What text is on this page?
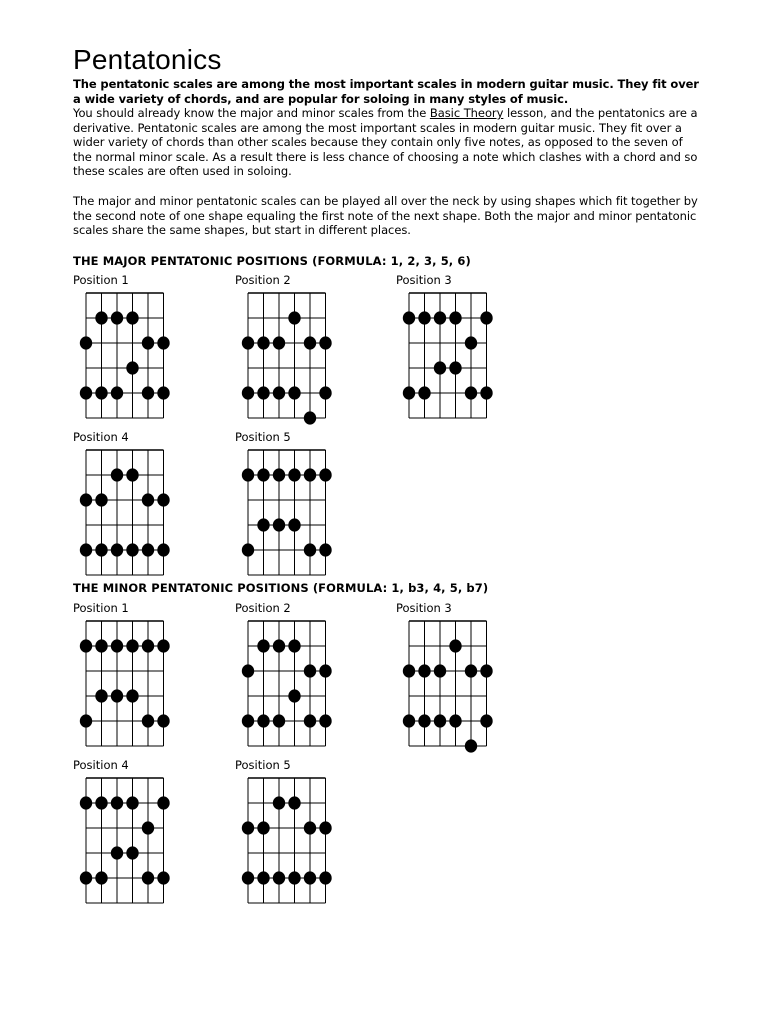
Pentatonics

The pentatonic scales are among the most important scales in modern guitar music. They fit over a wide variety of chords, and are popular for soloing in many styles of music.

You should already know the major and minor scales from the Basic Theory lesson, and the pentatonics are a derivative. Pentatonic scales are among the most important scales in modern guitar music. They fit over a wider variety of chords than other scales because they contain only five notes, as opposed to the seven of the normal minor scale. As a result there is less chance of choosing a note which clashes with a chord and so these scales are often used in soloing.

The major and minor pentatonic scales can be played all over the neck by using shapes which fit together by the second note of one shape equaling the first note of the next shape. Both the major and minor pentatonic scales share the same shapes, but start in different places.

THE MAJOR PENTATONIC POSITIONS (FORMULA: 1, 2, 3, 5, 6)

THE MINOR PENTATONIC POSITIONS (FORMULA: 1, b3, 4, 5, b7)

Position 1	Position 2	Position 3

Position 4	Position 5

Position 1	Position 2	Position 3

Position 4	Position 5
